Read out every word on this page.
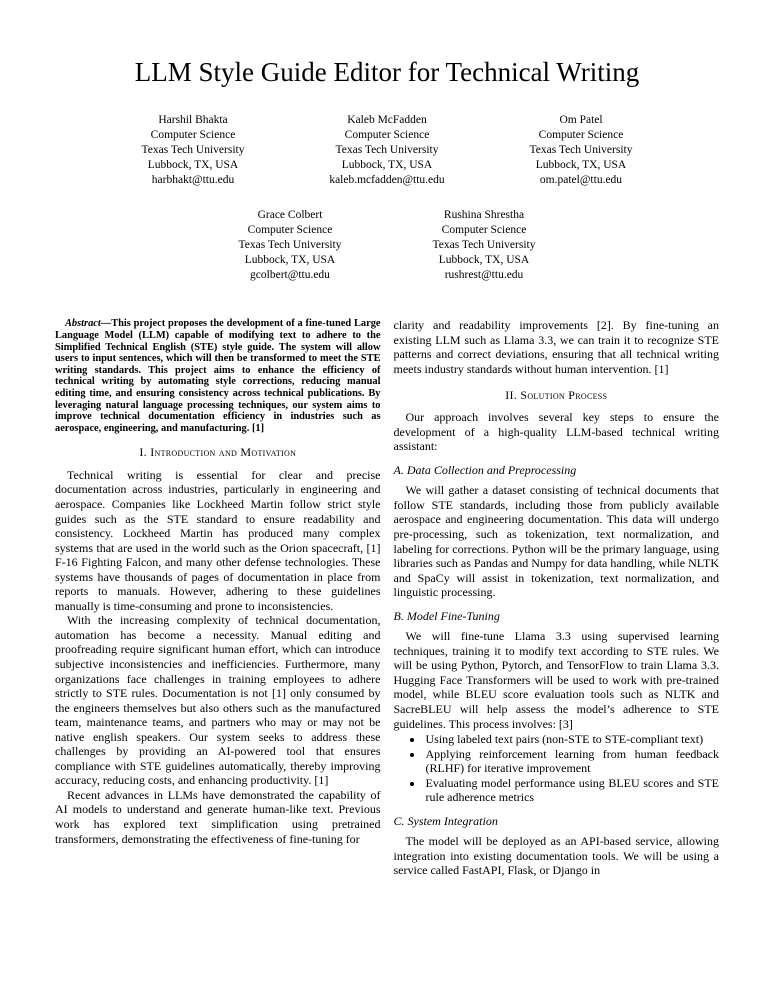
LLM Style Guide Editor for Technical Writing
Harshil Bhakta
Computer Science
Texas Tech University
Lubbock, TX, USA
harbhakt@ttu.edu
Kaleb McFadden
Computer Science
Texas Tech University
Lubbock, TX, USA
kaleb.mcfadden@ttu.edu
Om Patel
Computer Science
Texas Tech University
Lubbock, TX, USA
om.patel@ttu.edu
Grace Colbert
Computer Science
Texas Tech University
Lubbock, TX, USA
gcolbert@ttu.edu
Rushina Shrestha
Computer Science
Texas Tech University
Lubbock, TX, USA
rushrest@ttu.edu

Abstract—This project proposes the development of a fine-tuned Large Language Model (LLM) capable of modifying text to adhere to the Simplified Technical English (STE) style guide. The system will allow users to input sentences, which will then be transformed to meet the STE writing standards. This project aims to enhance the efficiency of technical writing by automating style corrections, reducing manual editing time, and ensuring consistency across technical publications. By leveraging natural language processing techniques, our system aims to improve technical documentation efficiency in industries such as aerospace, engineering, and manufacturing. [1]

I. Introduction and Motivation

Technical writing is essential for clear and precise documentation across industries, particularly in engineering and aerospace. Companies like Lockheed Martin follow strict style guides such as the STE standard to ensure readability and consistency. Lockheed Martin has produced many complex systems that are used in the world such as the Orion spacecraft, [1] F-16 Fighting Falcon, and many other defense technologies. These systems have thousands of pages of documentation in place from reports to manuals. However, adhering to these guidelines manually is time-consuming and prone to inconsistencies.

With the increasing complexity of technical documentation, automation has become a necessity. Manual editing and proofreading require significant human effort, which can introduce subjective inconsistencies and inefficiencies. Furthermore, many organizations face challenges in training employees to adhere strictly to STE rules. Documentation is not [1] only consumed by the engineers themselves but also others such as the manufactured team, maintenance teams, and partners who may or may not be native english speakers. Our system seeks to address these challenges by providing an AI-powered tool that ensures compliance with STE guidelines automatically, thereby improving accuracy, reducing costs, and enhancing productivity. [1]

Recent advances in LLMs have demonstrated the capability of AI models to understand and generate human-like text. Previous work has explored text simplification using pretrained transformers, demonstrating the effectiveness of fine-tuning for

clarity and readability improvements [2]. By fine-tuning an existing LLM such as Llama 3.3, we can train it to recognize STE patterns and correct deviations, ensuring that all technical writing meets industry standards without human intervention. [1]

II. Solution Process

Our approach involves several key steps to ensure the development of a high-quality LLM-based technical writing assistant:

A. Data Collection and Preprocessing

We will gather a dataset consisting of technical documents that follow STE standards, including those from publicly available aerospace and engineering documentation. This data will undergo pre-processing, such as tokenization, text normalization, and labeling for corrections. Python will be the primary language, using libraries such as Pandas and Numpy for data handling, while NLTK and SpaCy will assist in tokenization, text normalization, and linguistic processing.

B. Model Fine-Tuning

We will fine-tune Llama 3.3 using supervised learning techniques, training it to modify text according to STE rules. We will be using Python, Pytorch, and TensorFlow to train Llama 3.3. Hugging Face Transformers will be used to work with pre-trained model, while BLEU score evaluation tools such as NLTK and SacreBLEU will help assess the model’s adherence to STE guidelines. This process involves: [3]

• Using labeled text pairs (non-STE to STE-compliant text)
• Applying reinforcement learning from human feedback (RLHF) for iterative improvement
• Evaluating model performance using BLEU scores and STE rule adherence metrics
C. System Integration

The model will be deployed as an API-based service, allowing integration into existing documentation tools. We will be using a service called FastAPI, Flask, or Django in
